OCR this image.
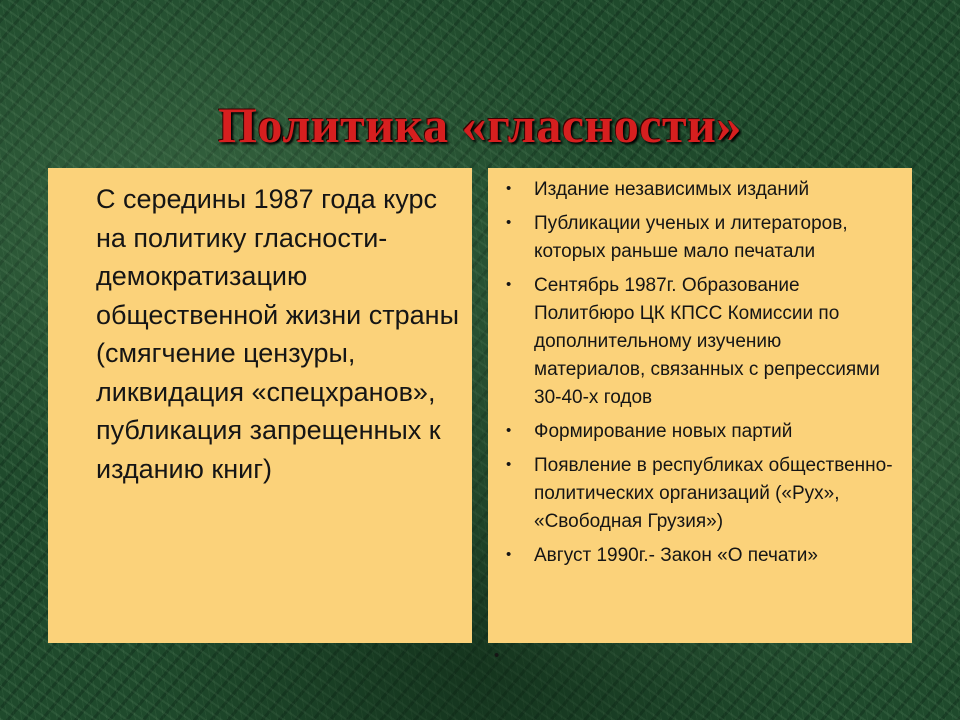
Политика «гласности»

С середины 1987 года курс на политику гласности-демократизацию общественной жизни страны (смягчение цензуры, ликвидация «спецхранов», публикация запрещенных к изданию книг)

• Издание независимых изданий
• Публикации ученых и литераторов, которых раньше мало печатали
• Сентябрь 1987г. Образование Политбюро ЦК КПСС Комиссии по дополнительному изучению материалов, связанных с репрессиями 30-40-х годов
• Формирование новых партий
• Появление в республиках общественно-политических организаций («Рух», «Свободная Грузия»)
• Август 1990г.- Закон «О печати»
•
